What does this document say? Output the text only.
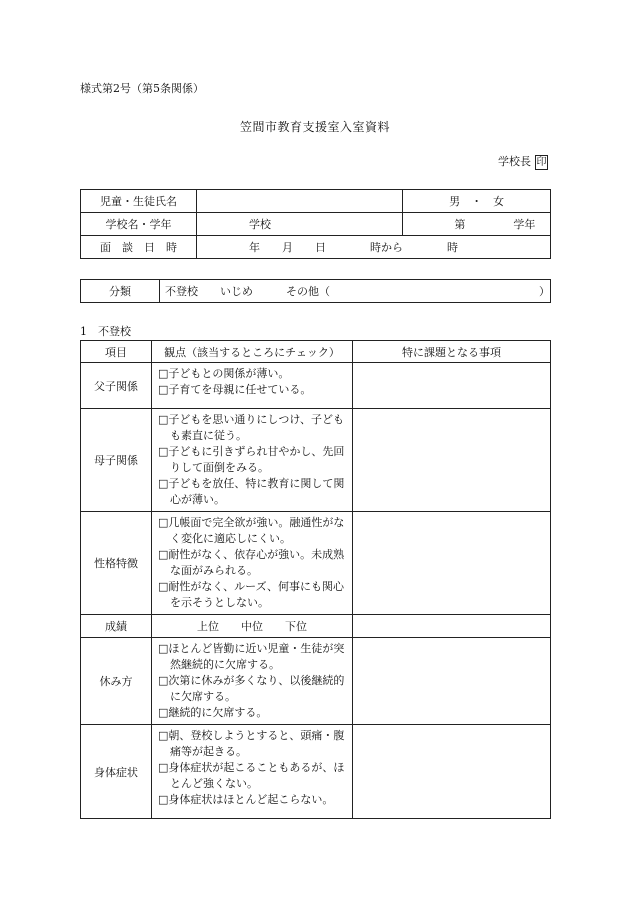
様式第2号（第5条関係）
笠間市教育支援室入室資料
学校長 印
児童・生徒氏名		男　・　女
学校名・学年	学校	第 学年
面　談　日　時	年　　月　　日　　　　時から　　　　時	
分類	不登校　　いじめ　　　その他（　　　　　　　　　　　　　　　　　　　）
1　不登校
項目	観点（該当するところにチェック）	特に課題となる事項
父子関係	□子どもとの関係が薄い。
□子育てを母親に任せている。	

母子関係	□子どもを思い通りにしつけ、子どもも素直に従う。
□子どもに引きずられ甘やかし、先回りして面倒をみる。
□子どもを放任、特に教育に関して関心が薄い。	

性格特徴	□几帳面で完全欲が強い。融通性がなく変化に適応しにくい。
□耐性がなく、依存心が強い。未成熟な面がみられる。
□耐性がなく、ルーズ、何事にも関心を示そうとしない。	

成績	上位　　中位　　下位	
休み方	□ほとんど皆勤に近い児童・生徒が突然継続的に欠席する。
□次第に休みが多くなり、以後継続的に欠席する。
□継続的に欠席する。	

身体症状	□朝、登校しようとすると、頭痛・腹痛等が起きる。
□身体症状が起こることもあるが、ほとんど強くない。
□身体症状はほとんど起こらない。	
